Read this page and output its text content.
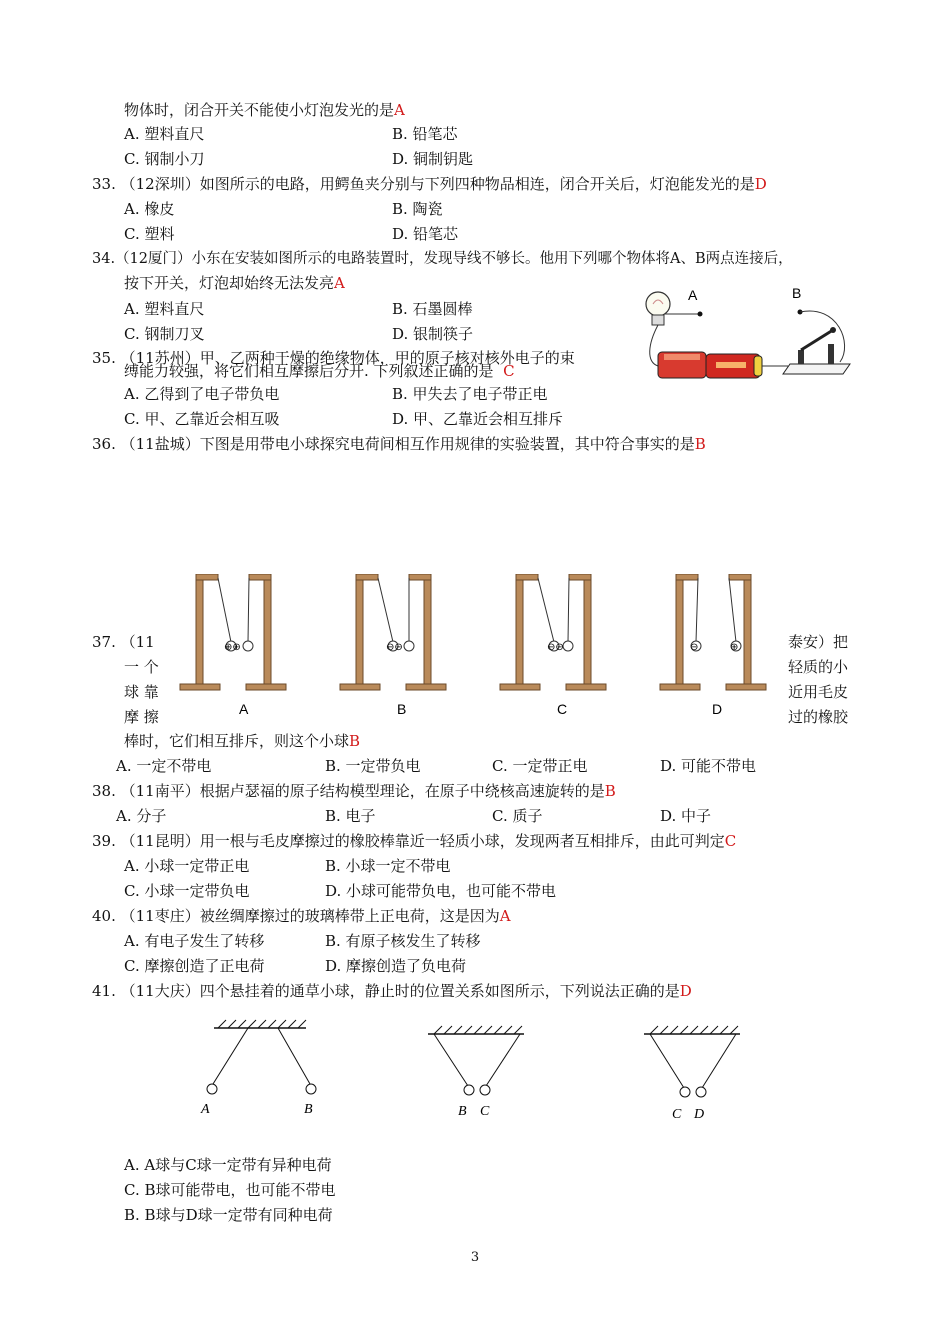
物体时，闭合开关不能使小灯泡发光的是A
A. 塑料直尺	B. 铅笔芯
C. 钢制小刀	D. 铜制钥匙
33. （12深圳）如图所示的电路，用鳄鱼夹分别与下列四种物品相连，闭合开关后，灯泡能发光的是D
A. 橡皮	B. 陶瓷
C. 塑料	D. 铅笔芯
34.（12厦门）小东在安装如图所示的电路装置时，发现导线不够长。他用下列哪个物体将A、B两点连接后，
按下开关，灯泡却始终无法发亮A
A. 塑料直尺	B. 石墨圆棒
C. 钢制刀叉	D. 银制筷子
A	B
35. （11苏州）甲、乙两种干燥的绝缘物体，甲的原子核对核外电子的束
缚能力较强，将它们相互摩擦后分开. 下列叙述正确的是 C
A. 乙得到了电子带负电	B. 甲失去了电子带正电
C. 甲、乙靠近会相互吸	D. 甲、乙靠近会相互排斥
36. （11盐城）下图是用带电小球探究电荷间相互作用规律的实验装置，其中符合事实的是B
⊕⊕
A
⊖⊖
B
⊖⊖
C
⊖	⊕
D
37. （11
一 个
球 靠
摩 擦
泰安）把
轻质的小
近用毛皮
过的橡胶
棒时，它们相互排斥，则这个小球B
A. 一定不带电	B. 一定带负电	C. 一定带正电	D. 可能不带电
38. （11南平）根据卢瑟福的原子结构模型理论，在原子中绕核高速旋转的是B
A. 分子	B. 电子	C. 质子	D. 中子
39. （11昆明）用一根与毛皮摩擦过的橡胶棒靠近一轻质小球，发现两者互相排斥，由此可判定C
A. 小球一定带正电	B. 小球一定不带电
C. 小球一定带负电	D. 小球可能带负电，也可能不带电
40. （11枣庄）被丝绸摩擦过的玻璃棒带上正电荷，这是因为A
A. 有电子发生了转移	B. 有原子核发生了转移
C. 摩擦创造了正电荷	D. 摩擦创造了负电荷
41. （11大庆）四个悬挂着的通草小球，静止时的位置关系如图所示，下列说法正确的是D
A	B	B C	C D
A. A球与C球一定带有异种电荷
C. B球可能带电，也可能不带电
B. B球与D球一定带有同种电荷
3
